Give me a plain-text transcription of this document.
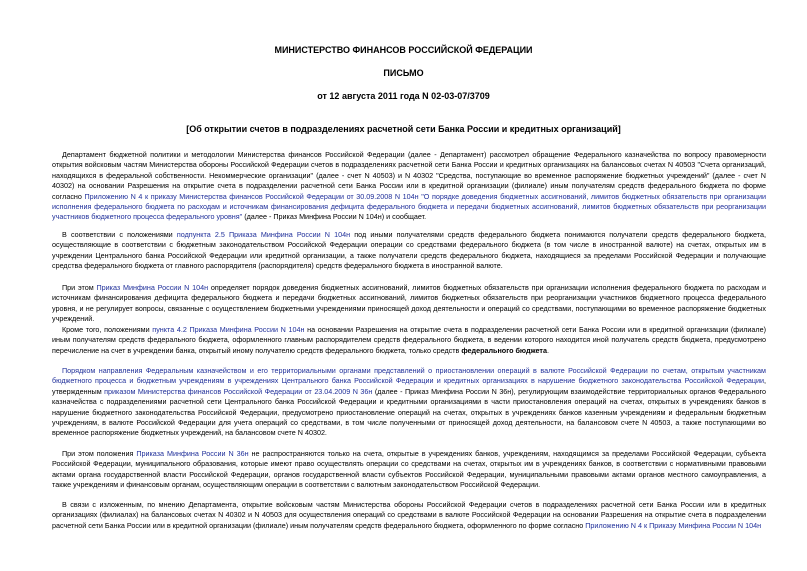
МИНИСТЕРСТВО ФИНАНСОВ РОССИЙСКОЙ ФЕДЕРАЦИИ

ПИСЬМО

от 12 августа 2011 года N 02-03-07/3709

[Об открытии счетов в подразделениях расчетной сети Банка России и кредитных организаций]

Департамент бюджетной политики и методологии Министерства финансов Российской Федерации (далее - Департамент) рассмотрел обращение Федерального казначейства по вопросу правомерности открытия войсковым частям Министерства обороны Российской Федерации счетов в подразделениях расчетной сети Банка России и кредитных организациях на балансовых счетах N 40503 "Счета организаций, находящихся в федеральной собственности. Некоммерческие организации" (далее - счет N 40503) и N 40302 "Средства, поступающие во временное распоряжение бюджетных учреждений" (далее - счет N 40302) на основании Разрешения на открытие счета в подразделении расчетной сети Банка России или в кредитной организации (филиале) иным получателям средств федерального бюджета по форме согласно Приложению N 4 к приказу Министерства финансов Российской Федерации от 30.09.2008 N 104н "О порядке доведения бюджетных ассигнований, лимитов бюджетных обязательств при организации исполнения федерального бюджета по расходам и источникам финансирования дефицита федерального бюджета и передачи бюджетных ассигнований, лимитов бюджетных обязательств при реорганизации участников бюджетного процесса федерального уровня" (далее - Приказ Минфина России N 104н) и сообщает.

В соответствии с положениями подпункта 2.5 Приказа Минфина России N 104н под иными получателями средств федерального бюджета понимаются получатели средств федерального бюджета, осуществляющие в соответствии с бюджетным законодательством Российской Федерации операции со средствами федерального бюджета (в том числе в иностранной валюте) на счетах, открытых им в учреждении Центрального банка Российской Федерации или кредитной организации, а также получатели средств федерального бюджета, находящиеся за пределами Российской Федерации и получающие средства федерального бюджета от главного распорядителя (распорядителя) средств федерального бюджета в иностранной валюте.

При этом Приказ Минфина России N 104н определяет порядок доведения бюджетных ассигнований, лимитов бюджетных обязательств при организации исполнения федерального бюджета по расходам и источникам финансирования дефицита федерального бюджета и передачи бюджетных ассигнований, лимитов бюджетных обязательств при реорганизации участников бюджетного процесса федерального уровня, и не регулирует вопросы, связанные с осуществлением бюджетными учреждениями приносящей доход деятельности и операций со средствами, поступающими во временное распоряжение бюджетных учреждений.

Кроме того, положениями пункта 4.2 Приказа Минфина России N 104н на основании Разрешения на открытие счета в подразделении расчетной сети Банка России или в кредитной организации (филиале) иным получателям средств федерального бюджета, оформленного главным распорядителем средств федерального бюджета, в ведении которого находится иной получатель средств бюджета, предусмотрено перечисление на счет в учреждении банка, открытый иному получателю средств федерального бюджета, только средств федерального бюджета.

Порядком направления Федеральным казначейством и его территориальными органами представлений о приостановлении операций в валюте Российской Федерации по счетам, открытым участникам бюджетного процесса и бюджетным учреждениям в учреждениях Центрального банка Российской Федерации и кредитных организациях в нарушение бюджетного законодательства Российской Федерации, утвержденным приказом Министерства финансов Российской Федерации от 23.04.2009 N 36н (далее - Приказ Минфина России N 36н), регулирующим взаимодействие территориальных органов Федерального казначейства с подразделениями расчетной сети Центрального банка Российской Федерации и кредитными организациями в части приостановления операций на счетах, открытых в учреждениях банков в нарушение бюджетного законодательства Российской Федерации, предусмотрено приостановление операций на счетах, открытых в учреждениях банков казенным учреждениям и федеральным бюджетным учреждениям, в валюте Российской Федерации для учета операций со средствами, в том числе полученными от приносящей доход деятельности, на балансовом счете N 40503, а также поступающими во временное распоряжение бюджетных учреждений, на балансовом счете N 40302.

При этом положения Приказа Минфина России N 36н не распространяются только на счета, открытые в учреждениях банков, учреждениям, находящимся за пределами Российской Федерации, субъекта Российской Федерации, муниципального образования, которые имеют право осуществлять операции со средствами на счетах, открытых им в учреждениях банков, в соответствии с нормативными правовыми актами органа государственной власти Российской Федерации, органов государственной власти субъектов Российской Федерации, муниципальными правовыми актами органов местного самоуправления, а также учреждениям и финансовым органам, осуществляющим операции в соответствии с валютным законодательством Российской Федерации.

В связи с изложенным, по мнению Департамента, открытие войсковым частям Министерства обороны Российской Федерации счетов в подразделениях расчетной сети Банка России или в кредитных организациях (филиалах) на балансовых счетах N 40302 и N 40503 для осуществления операций со средствами в валюте Российской Федерации на основании Разрешения на открытие счета в подразделении расчетной сети Банка России или в кредитной организации (филиале) иным получателям средств федерального бюджета, оформленного по форме согласно Приложению N 4 к Приказу Минфина России N 104н
